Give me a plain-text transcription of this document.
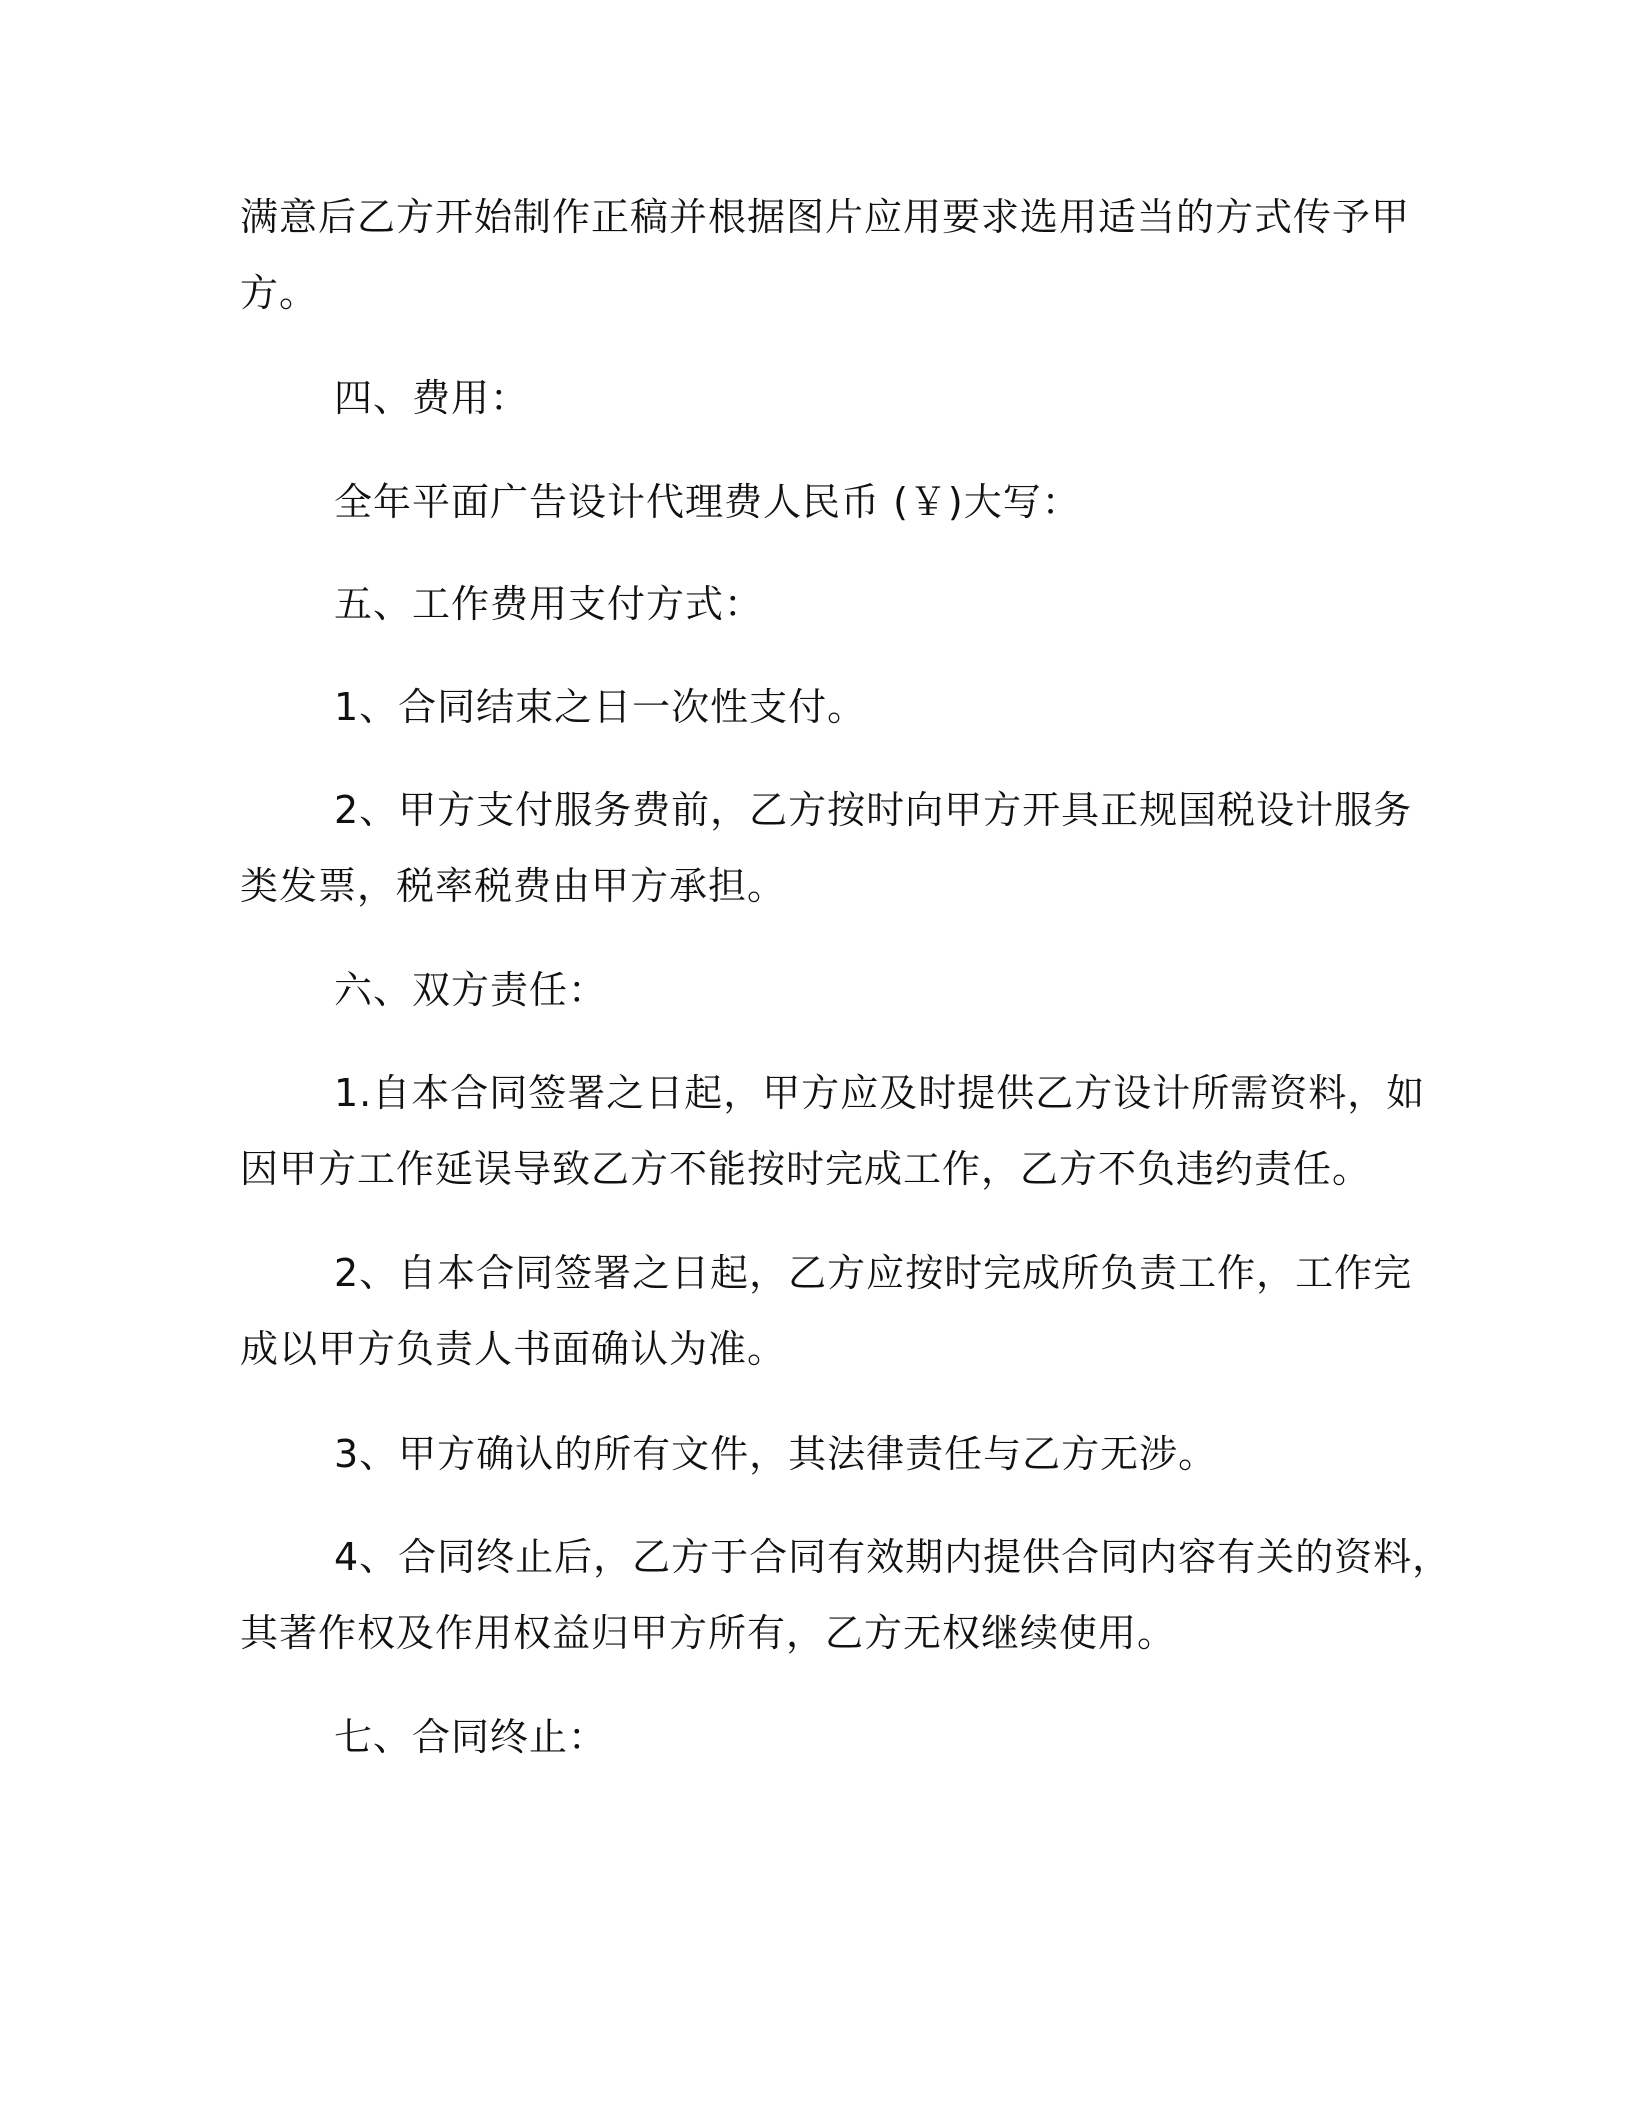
满意后乙方开始制作正稿并根据图片应用要求选用适当的方式传予甲
方。
四、费用：
全年平面广告设计代理费人民币 (￥)大写：
五、工作费用支付方式：
1、合同结束之日一次性支付。
2、甲方支付服务费前，乙方按时向甲方开具正规国税设计服务
类发票，税率税费由甲方承担。
六、双方责任：
1.自本合同签署之日起，甲方应及时提供乙方设计所需资料，如
因甲方工作延误导致乙方不能按时完成工作，乙方不负违约责任。
2、自本合同签署之日起，乙方应按时完成所负责工作，工作完
成以甲方负责人书面确认为准。
3、甲方确认的所有文件，其法律责任与乙方无涉。
4、合同终止后，乙方于合同有效期内提供合同内容有关的资料，
其著作权及作用权益归甲方所有，乙方无权继续使用。
七、合同终止：
